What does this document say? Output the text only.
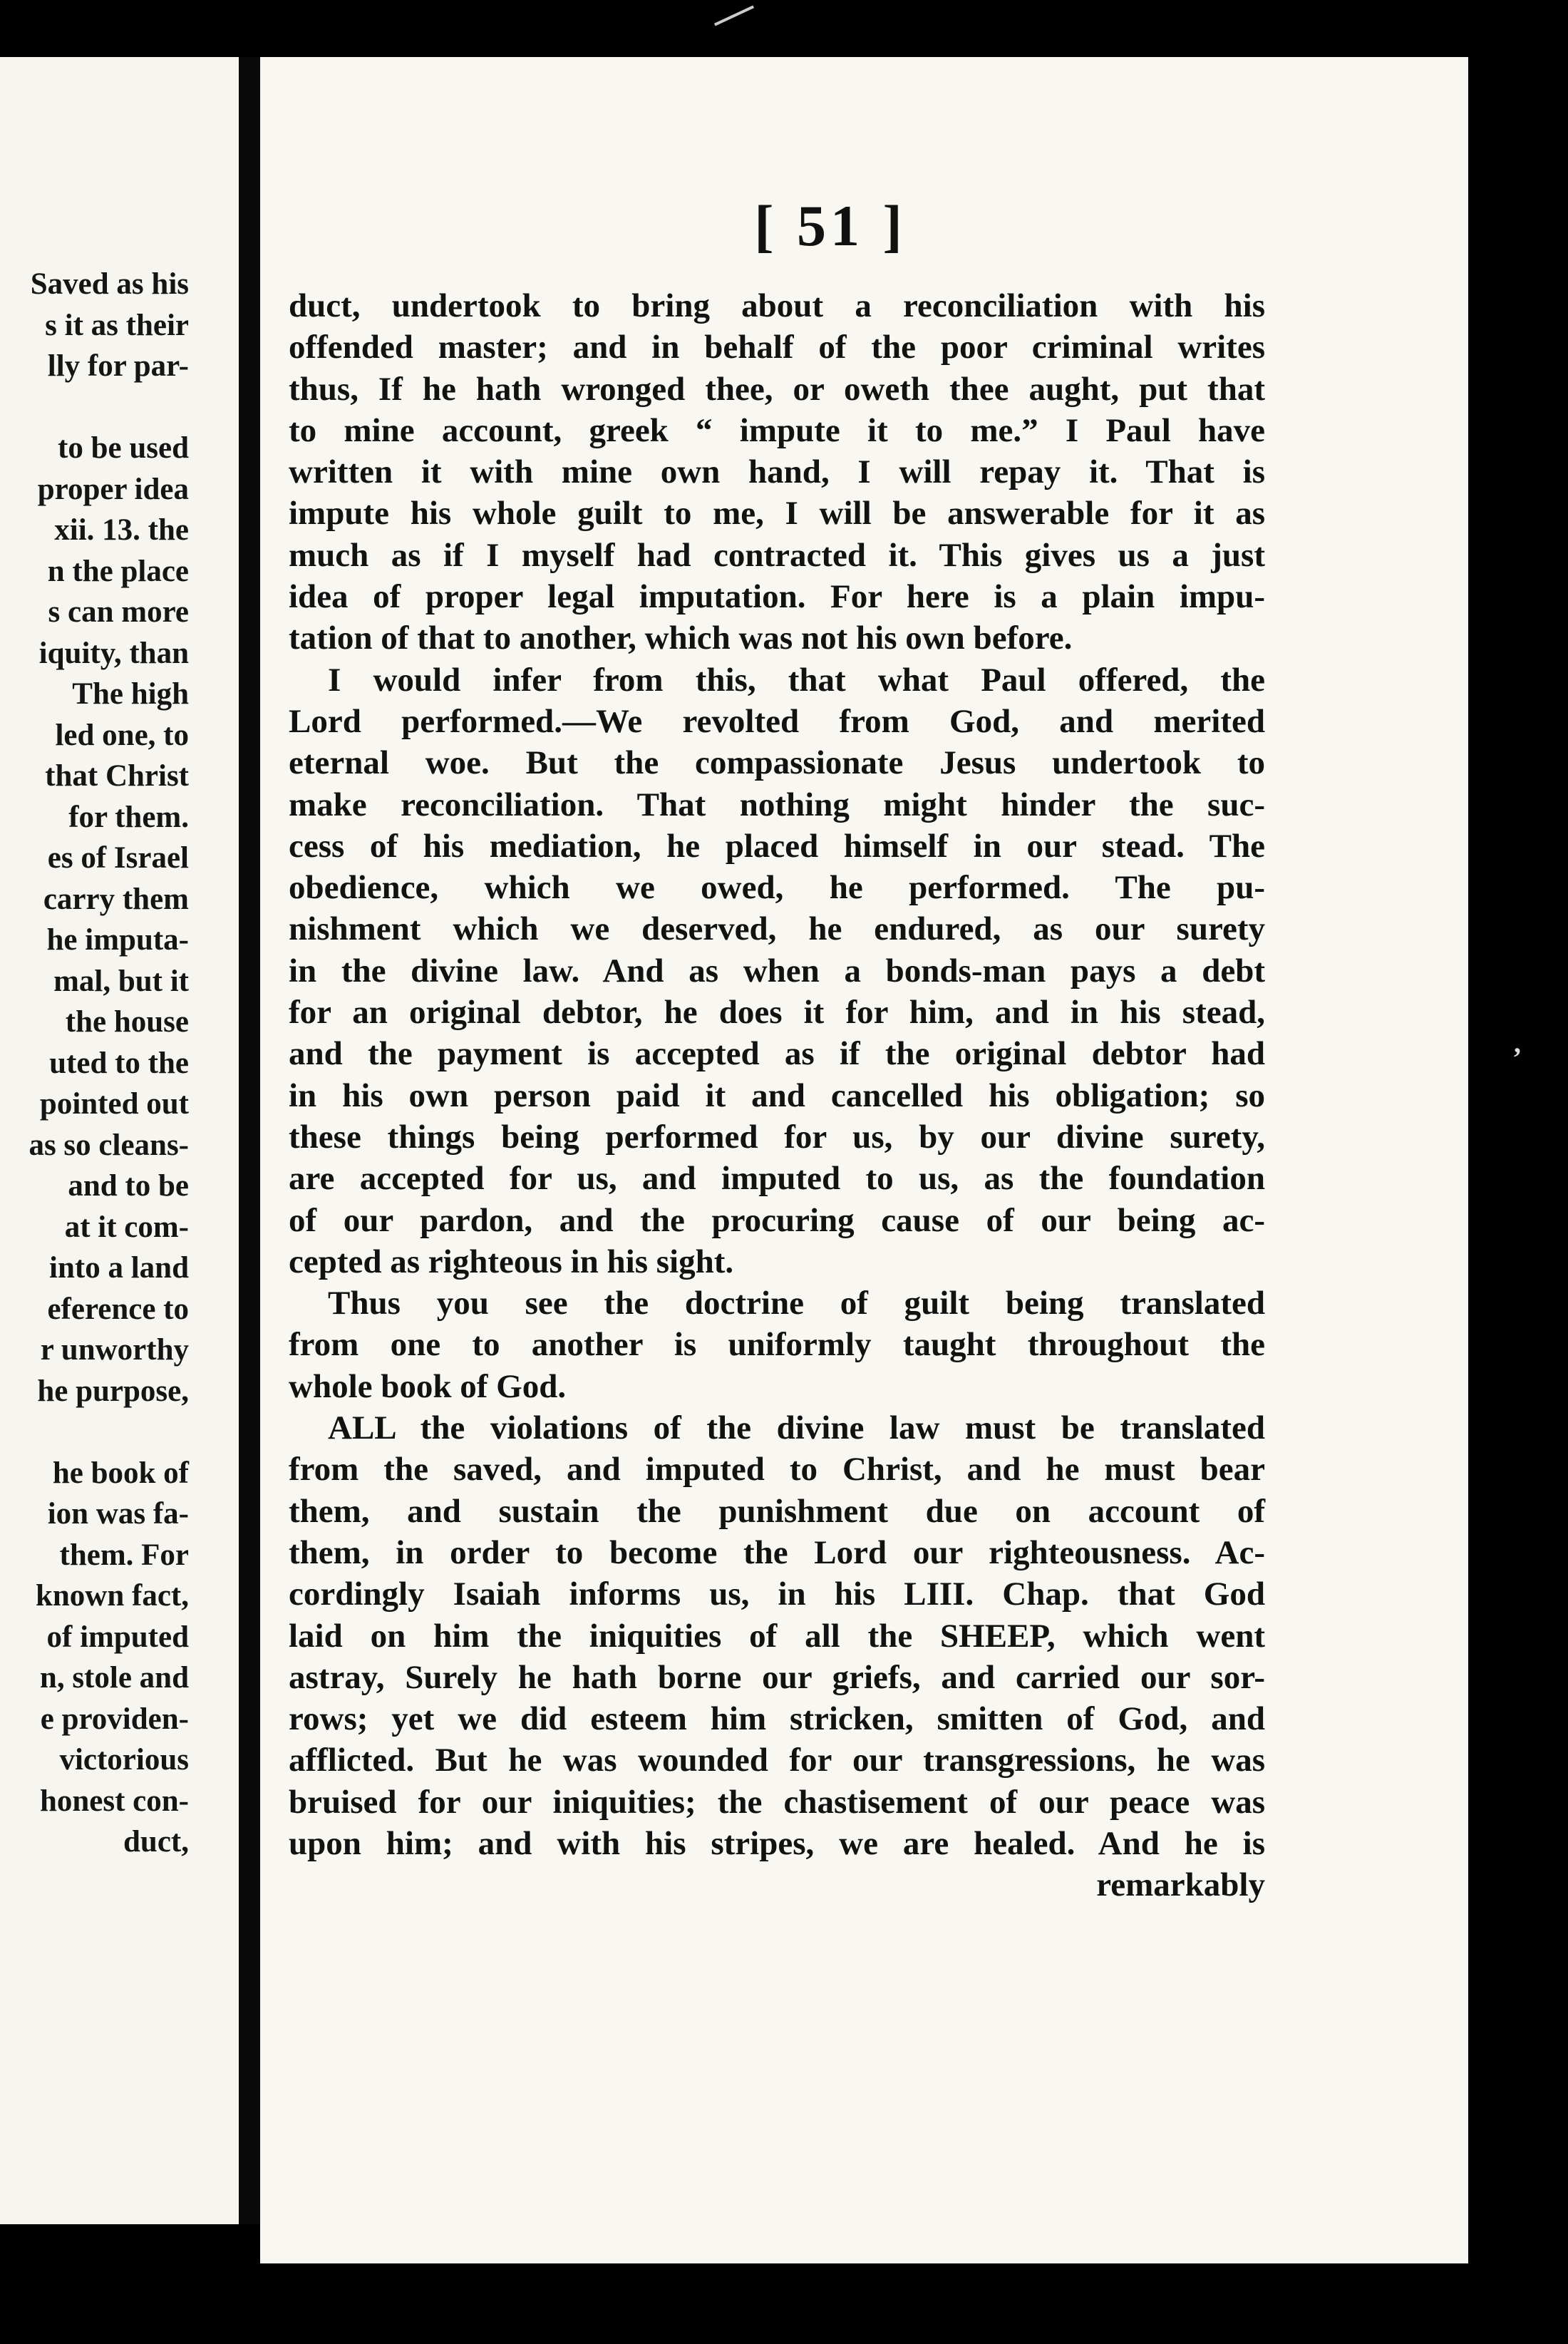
Saved as his
s it as their
lly for par-

to be used
proper idea
xii. 13. the
n the place
s can more
iquity, than
The high
led one, to
that Christ
for them.
es of Israel
carry them
he imputa-
mal, but it
the house
uted to the
pointed out
as so cleans-
and to be
at it com-
into a land
eference to
r unworthy
he purpose,

he book of
ion was fa-
them. For
known fact,
of imputed
n, stole and
e providen-
victorious
honest con-
duct,
[ 51 ]
duct, undertook to bring about a reconciliation with his
offended master; and in behalf of the poor criminal writes
thus, If he hath wronged thee, or oweth thee aught, put that
to mine account, greek “ impute it to me.” I Paul have
written it with mine own hand, I will repay it. That is
impute his whole guilt to me, I will be answerable for it as
much as if I myself had contracted it. This gives us a just
idea of proper legal imputation. For here is a plain impu-
tation of that to another, which was not his own before.
I would infer from this, that what Paul offered, the
Lord performed.—We revolted from God, and merited
eternal woe. But the compassionate Jesus undertook to
make reconciliation. That nothing might hinder the suc-
cess of his mediation, he placed himself in our stead. The
obedience, which we owed, he performed. The pu-
nishment which we deserved, he endured, as our surety
in the divine law. And as when a bonds-man pays a debt
for an original debtor, he does it for him, and in his stead,
and the payment is accepted as if the original debtor had
in his own person paid it and cancelled his obligation; so
these things being performed for us, by our divine surety,
are accepted for us, and imputed to us, as the foundation
of our pardon, and the procuring cause of our being ac-
cepted as righteous in his sight.
Thus you see the doctrine of guilt being translated
from one to another is uniformly taught throughout the
whole book of God.
ALL the violations of the divine law must be translated
from the saved, and imputed to Christ, and he must bear
them, and sustain the punishment due on account of
them, in order to become the Lord our righteousness. Ac-
cordingly Isaiah informs us, in his LIII. Chap. that God
laid on him the iniquities of all the SHEEP, which went
astray, Surely he hath borne our griefs, and carried our sor-
rows; yet we did esteem him stricken, smitten of God, and
afflicted. But he was wounded for our transgressions, he was
bruised for our iniquities; the chastisement of our peace was
upon him; and with his stripes, we are healed. And he is
remarkably
’
